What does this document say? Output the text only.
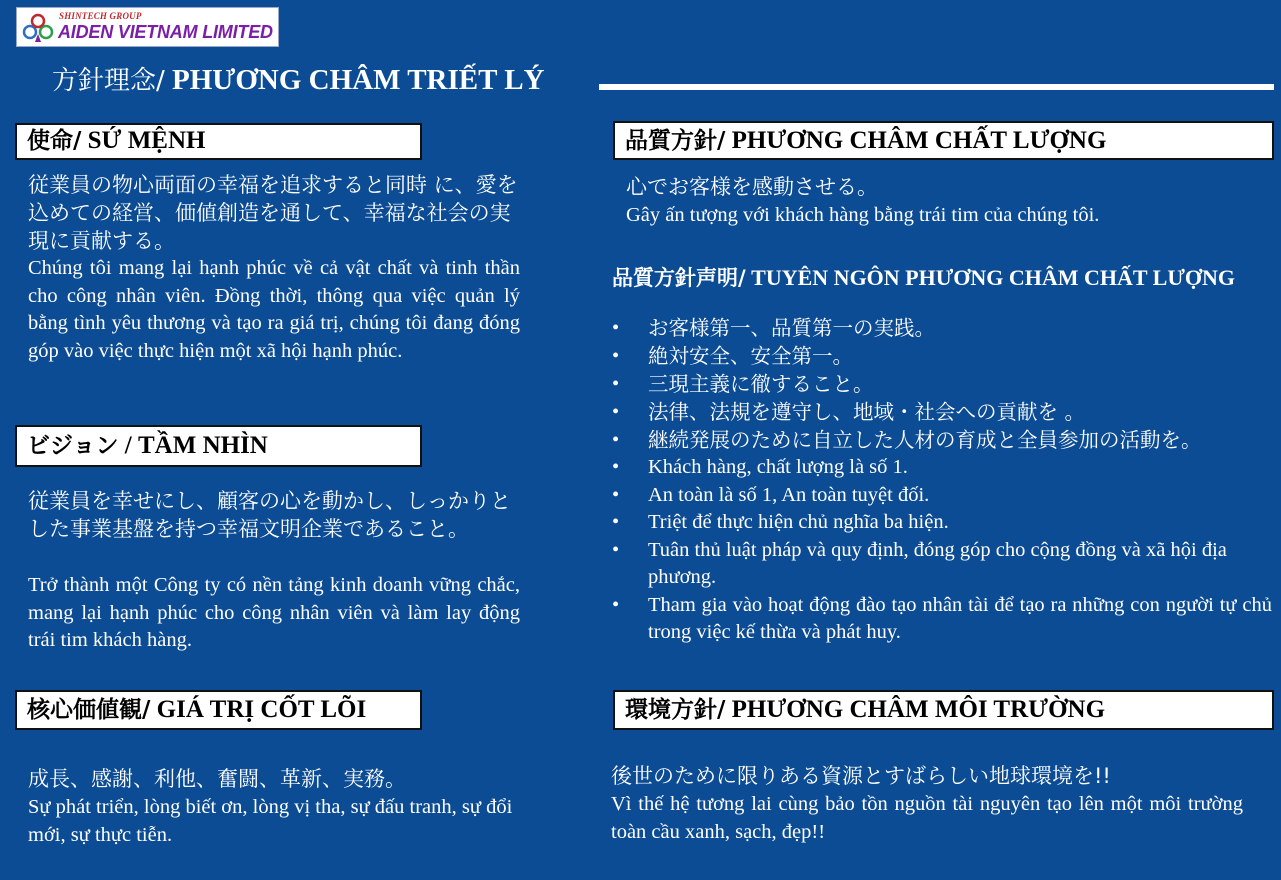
SHINTECH GROUP
AIDEN VIETNAM LIMITED
方針理念/ PHƯƠNG CHÂM TRIẾT LÝ
使命/ SỨ MỆNH
従業員の物心両面の幸福を追求すると同時 に、愛を込めての経営、価値創造を通して、幸福な社会の実現に貢献する。
Chúng tôi mang lại hạnh phúc về cả vật chất và tinh thần cho công nhân viên. Đồng thời, thông qua việc quản lý bằng tình yêu thương và tạo ra giá trị, chúng tôi đang đóng góp vào việc thực hiện một xã hội hạnh phúc.
ビジョン / TẦM NHÌN
従業員を幸せにし、顧客の心を動かし、しっかりとした事業基盤を持つ幸福文明企業であること。
Trở thành một Công ty có nền tảng kinh doanh vững chắc, mang lại hạnh phúc cho công nhân viên và làm lay động trái tim khách hàng.
核心価値観/ GIÁ TRỊ CỐT LÕI
成長、感謝、利他、奮闘、革新、実務。
Sự phát triển, lòng biết ơn, lòng vị tha, sự đấu tranh, sự đổi mới, sự thực tiễn.
品質方針/ PHƯƠNG CHÂM CHẤT LƯỢNG
心でお客様を感動させる。
Gây ấn tượng với khách hàng bằng trái tim của chúng tôi.
品質方針声明/ TUYÊN NGÔN PHƯƠNG CHÂM CHẤT LƯỢNG
• お客様第一、品質第一の実践。
• 絶対安全、安全第一。
• 三現主義に徹すること。
• 法律、法規を遵守し、地域・社会への貢献を 。
• 継続発展のために自立した人材の育成と全員参加の活動を。
• Khách hàng, chất lượng là số 1.
• An toàn là số 1, An toàn tuyệt đối.
• Triệt để thực hiện chủ nghĩa ba hiện.
• Tuân thủ luật pháp và quy định, đóng góp cho cộng đồng và xã hội địa phương.
• Tham gia vào hoạt động đào tạo nhân tài để tạo ra những con người tự chủ trong việc kế thừa và phát huy.
環境方針/ PHƯƠNG CHÂM MÔI TRƯỜNG
後世のために限りある資源とすばらしい地球環境を!!
Vì thế hệ tương lai cùng bảo tồn nguồn tài nguyên tạo lên một môi trường toàn cầu xanh, sạch, đẹp!!
